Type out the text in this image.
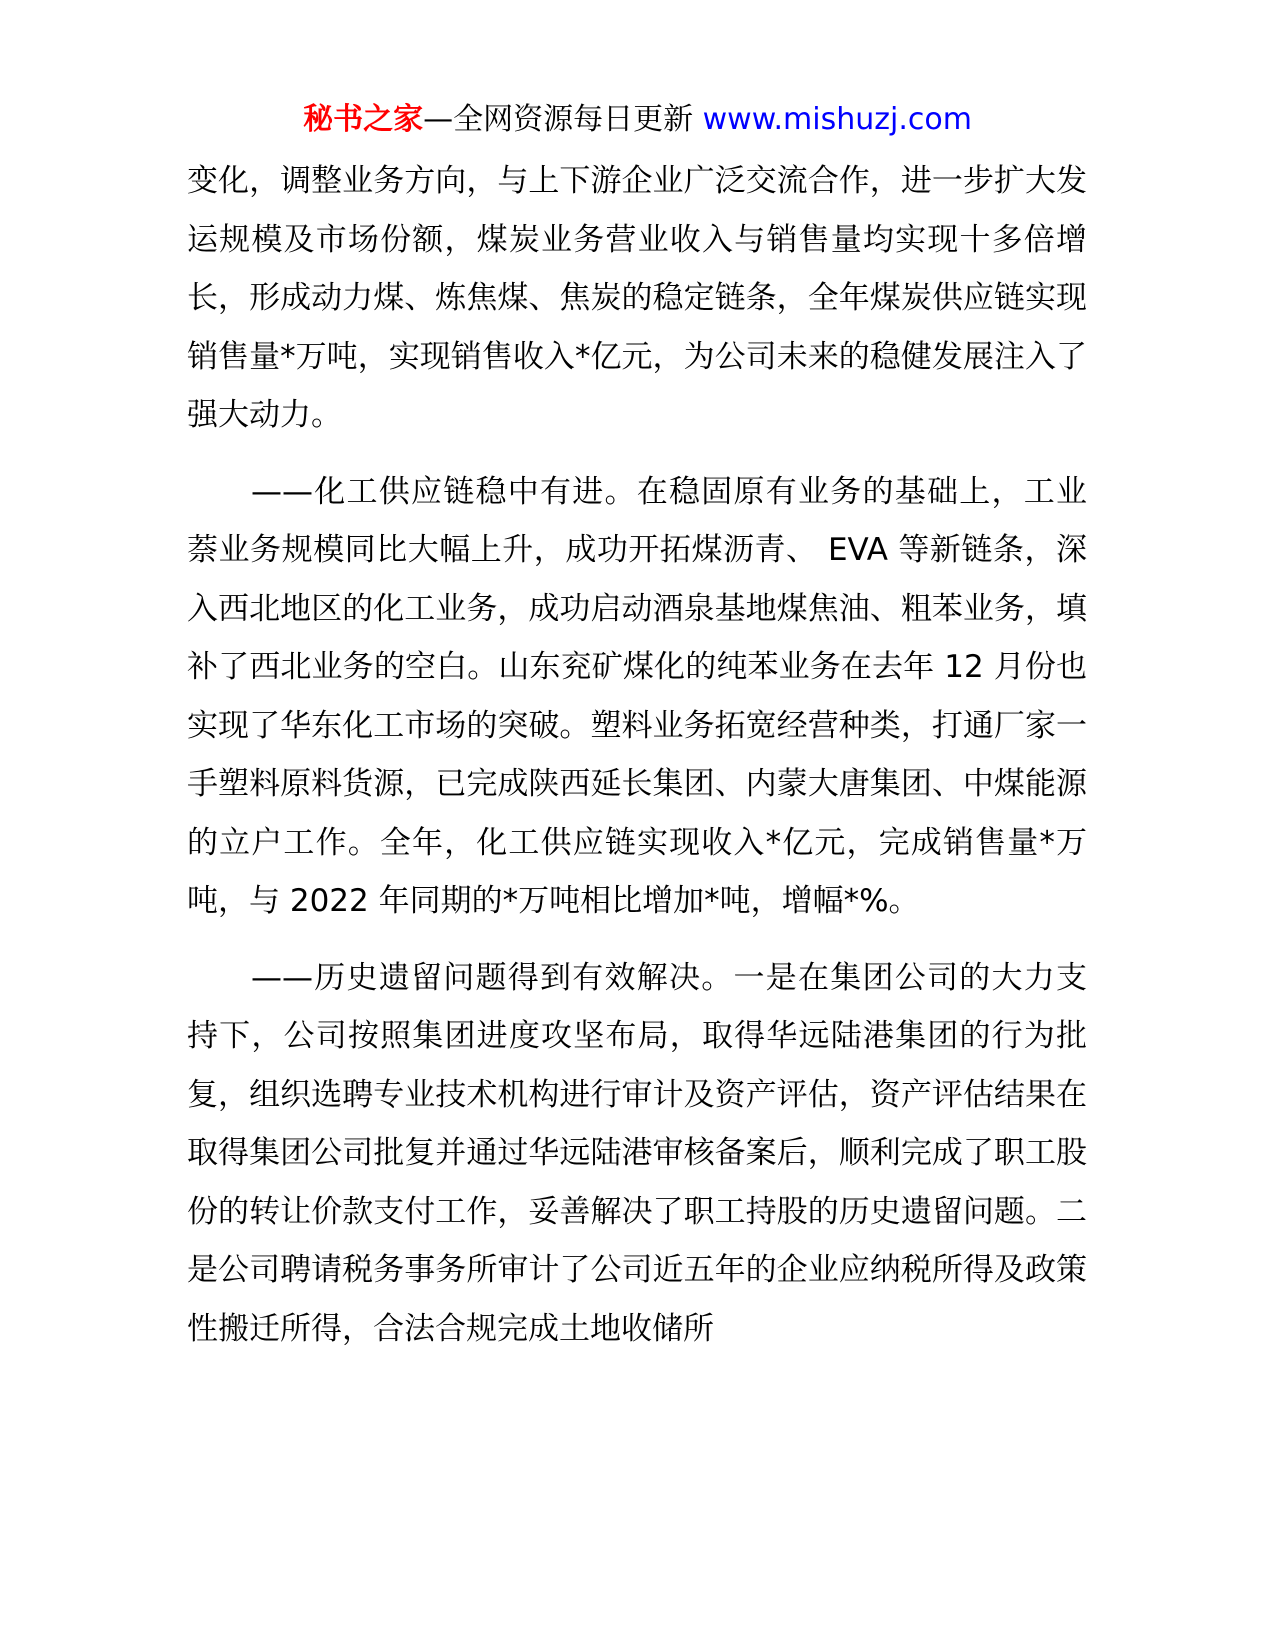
秘书之家—全网资源每日更新 www.mishuzj.com

变化，调整业务方向，与上下游企业广泛交流合作，进一步扩大发运规模及市场份额，煤炭业务营业收入与销售量均实现十多倍增长，形成动力煤、炼焦煤、焦炭的稳定链条，全年煤炭供应链实现销售量*万吨，实现销售收入*亿元，为公司未来的稳健发展注入了强大动力。

——化工供应链稳中有进。在稳固原有业务的基础上，工业萘业务规模同比大幅上升，成功开拓煤沥青、 EVA 等新链条，深入西北地区的化工业务，成功启动酒泉基地煤焦油、粗苯业务，填补了西北业务的空白。山东兖矿煤化的纯苯业务在去年 12 月份也实现了华东化工市场的突破。塑料业务拓宽经营种类，打通厂家一手塑料原料货源，已完成陕西延长集团、内蒙大唐集团、中煤能源的立户工作。全年，化工供应链实现收入*亿元，完成销售量*万吨，与 2022 年同期的*万吨相比增加*吨，增幅*%。

——历史遗留问题得到有效解决。一是在集团公司的大力支持下，公司按照集团进度攻坚布局，取得华远陆港集团的行为批复，组织选聘专业技术机构进行审计及资产评估，资产评估结果在取得集团公司批复并通过华远陆港审核备案后，顺利完成了职工股份的转让价款支付工作，妥善解决了职工持股的历史遗留问题。二是公司聘请税务事务所审计了公司近五年的企业应纳税所得及政策性搬迁所得，合法合规完成土地收储所
